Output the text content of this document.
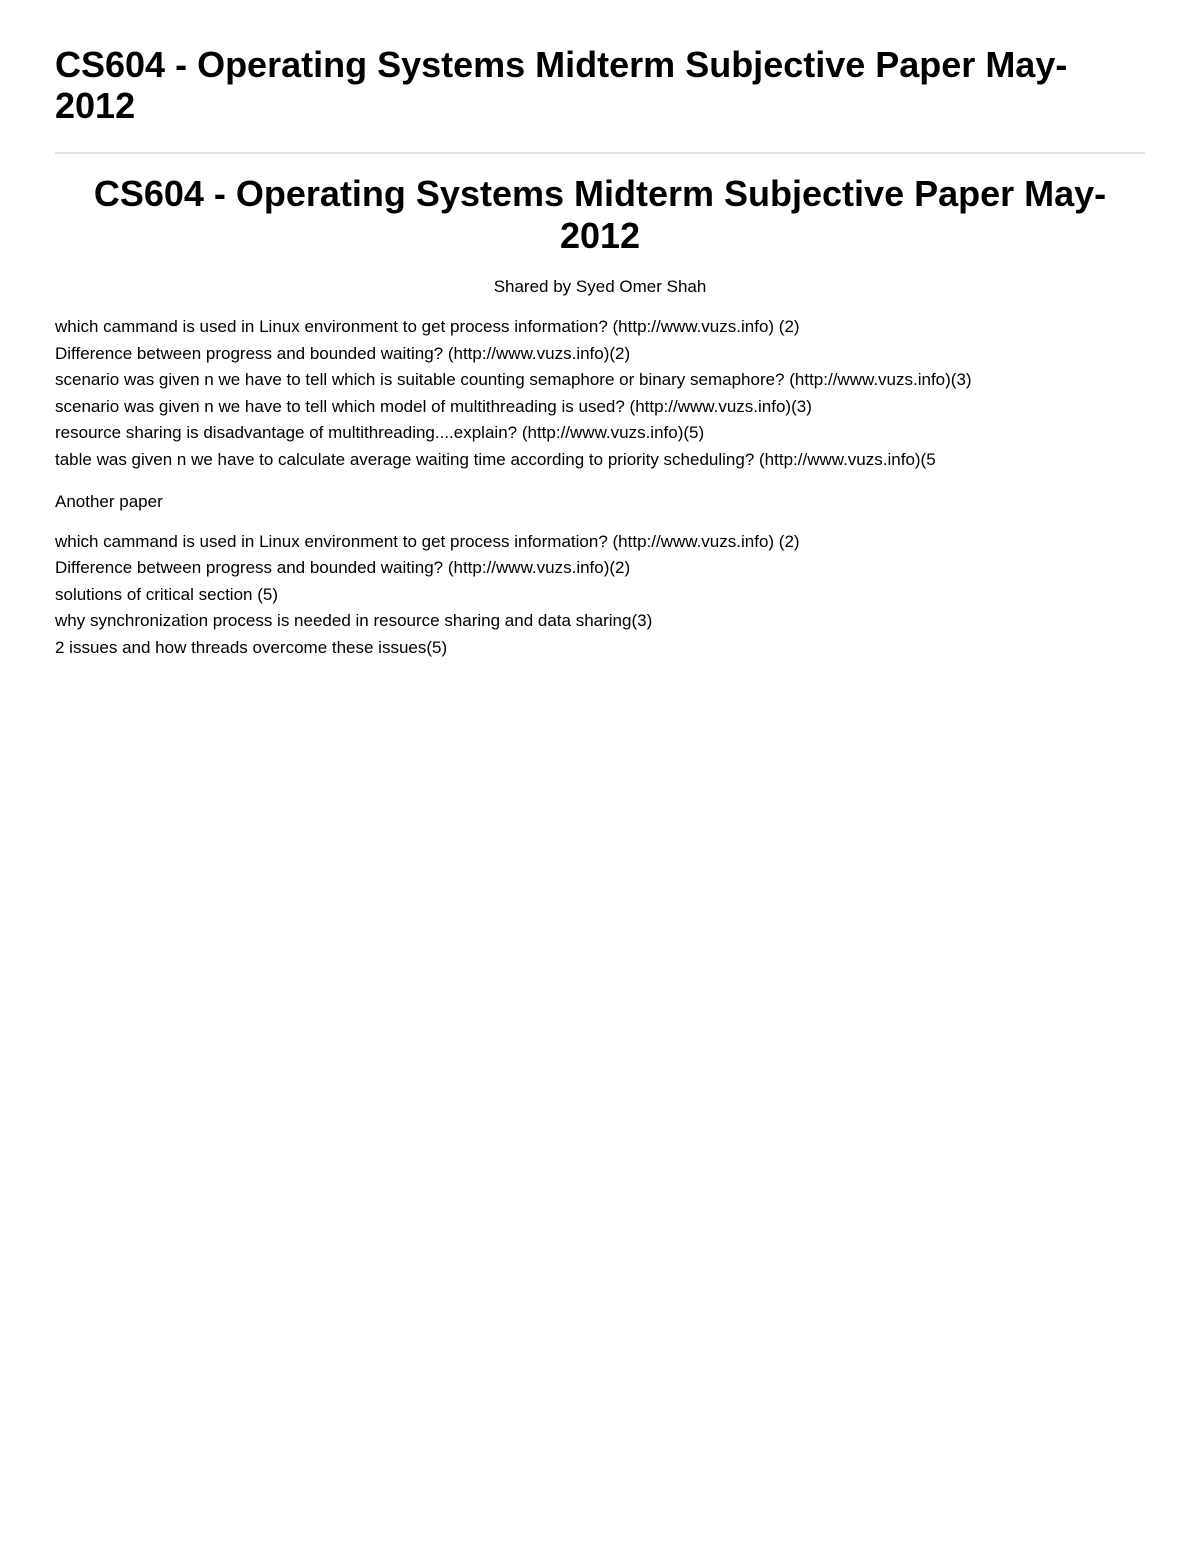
CS604 - Operating Systems Midterm Subjective Paper May-2012
CS604 - Operating Systems Midterm Subjective Paper May-2012

Shared by Syed Omer Shah

which cammand is used in Linux environment to get process information? (http://www.vuzs.info) (2)
Difference between progress and bounded waiting? (http://www.vuzs.info)(2)
scenario was given n we have to tell which is suitable counting semaphore or binary semaphore? (http://www.vuzs.info)(3)
scenario was given n we have to tell which model of multithreading is used? (http://www.vuzs.info)(3)
resource sharing is disadvantage of multithreading....explain? (http://www.vuzs.info)(5)
table was given n we have to calculate average waiting time according to priority scheduling? (http://www.vuzs.info)(5

Another paper

which cammand is used in Linux environment to get process information? (http://www.vuzs.info) (2)
Difference between progress and bounded waiting? (http://www.vuzs.info)(2)
solutions of critical section (5)
why synchronization process is needed in resource sharing and data sharing(3)
2 issues and how threads overcome these issues(5)
